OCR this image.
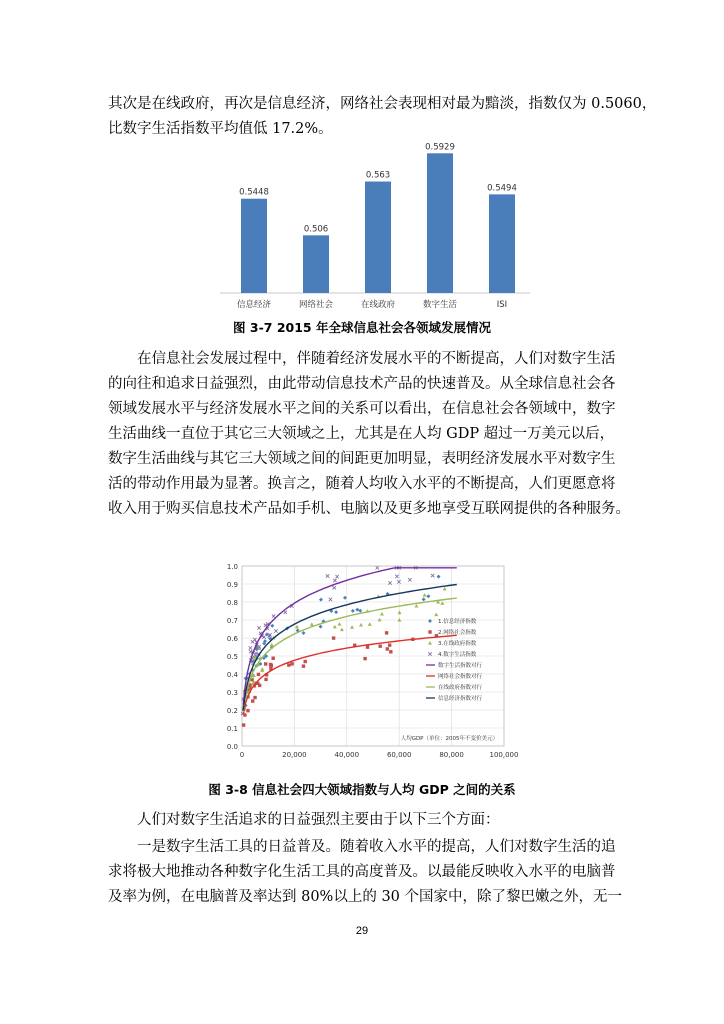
其次是在线政府，再次是信息经济，网络社会表现相对最为黯淡，指数仅为 0.5060，
比数字生活指数平均值低 17.2%。
0.5448
信息经济
0.506
网络社会
0.563
在线政府
0.5929
数字生活
0.5494
ISI

图 3-7 2015 年全球信息社会各领域发展情况

在信息社会发展过程中，伴随着经济发展水平的不断提高，人们对数字生活
的向往和追求日益强烈，由此带动信息技术产品的快速普及。从全球信息社会各
领域发展水平与经济发展水平之间的关系可以看出，在信息社会各领域中，数字
生活曲线一直位于其它三大领域之上，尤其是在人均 GDP 超过一万美元以后，
数字生活曲线与其它三大领域之间的间距更加明显，表明经济发展水平对数字生
活的带动作用最为显著。换言之，随着人均收入水平的不断提高，人们更愿意将
收入用于购买信息技术产品如手机、电脑以及更多地享受互联网提供的各种服务。
0.0
0.1
0.2
0.3
0.4
0.5
0.6
0.7
0.8
0.9
1.0
0	20,000	40,000	60,000	80,000	100,000
人均GDP（单位：2005年不变价美元）
1.信息经济指数
2.网络社会指数
3.在线政府指数
4.数字生活指数
数字生活指数对行
网络社会指数对行
在线政府指数对行
信息经济指数对行

图 3-8 信息社会四大领域指数与人均 GDP 之间的关系

人们对数字生活追求的日益强烈主要由于以下三个方面：
一是数字生活工具的日益普及。随着收入水平的提高，人们对数字生活的追
求将极大地推动各种数字化生活工具的高度普及。以最能反映收入水平的电脑普
及率为例，在电脑普及率达到 80%以上的 30 个国家中，除了黎巴嫩之外，无一

29
